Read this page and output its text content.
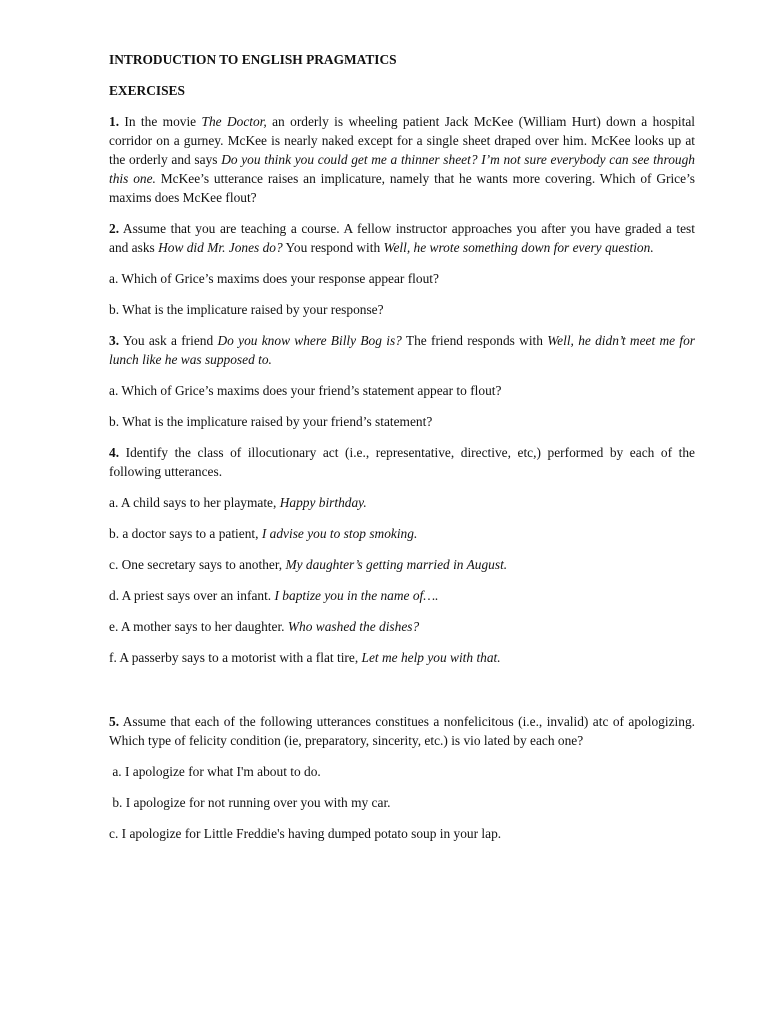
INTRODUCTION TO ENGLISH PRAGMATICS
EXERCISES

1. In the movie The Doctor, an orderly is wheeling patient Jack McKee (William Hurt) down a hospital corridor on a gurney. McKee is nearly naked except for a single sheet draped over him. McKee looks up at the orderly and says Do you think you could get me a thinner sheet? I’m not sure everybody can see through this one. McKee’s utterance raises an implicature, namely that he wants more covering. Which of Grice’s maxims does McKee flout?

2. Assume that you are teaching a course. A fellow instructor approaches you after you have graded a test and asks How did Mr. Jones do? You respond with Well, he wrote something down for every question.

a. Which of Grice’s maxims does your response appear flout?

b. What is the implicature raised by your response?

3. You ask a friend Do you know where Billy Bog is? The friend responds with Well, he didn’t meet me for lunch like he was supposed to.

a. Which of Grice’s maxims does your friend’s statement appear to flout?

b. What is the implicature raised by your friend’s statement?

4. Identify the class of illocutionary act (i.e., representative, directive, etc,) performed by each of the following utterances.

a. A child says to her playmate, Happy birthday.

b. a doctor says to a patient, I advise you to stop smoking.

c. One secretary says to another, My daughter’s getting married in August.

d. A priest says over an infant. I baptize you in the name of….

e. A mother says to her daughter. Who washed the dishes?

f. A passerby says to a motorist with a flat tire, Let me help you with that.

5. Assume that each of the following utterances constitues a nonfelicitous (i.e., invalid) atc of apologizing. Which type of felicity condition (ie, preparatory, sincerity, etc.) is vio lated by each one?

a. I apologize for what I'm about to do.

b. I apologize for not running over you with my car.

c. I apologize for Little Freddie's having dumped potato soup in your lap.
